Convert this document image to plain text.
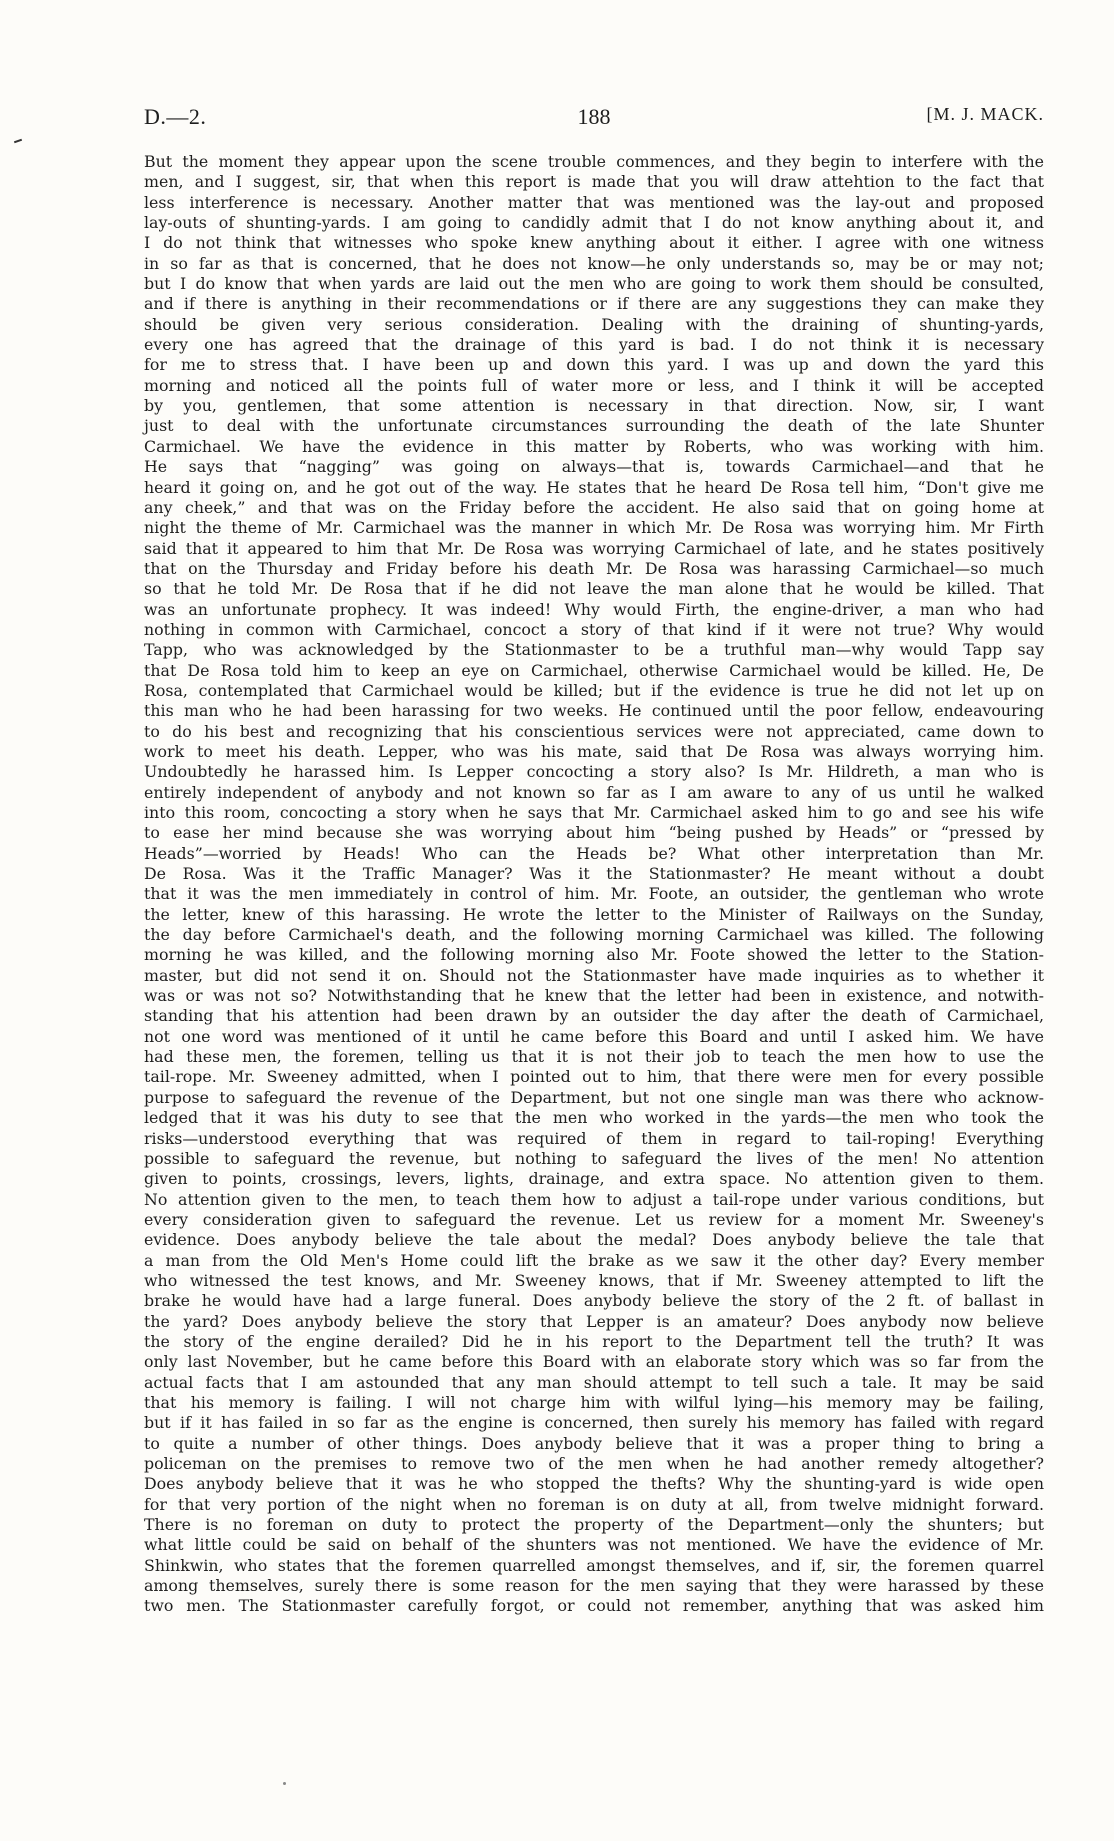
D.—2.	188	[M. J. MACK.
But the moment they appear upon the scene trouble commences, and they begin to interfere with the
men, and I suggest, sir, that when this report is made that you will draw attehtion to the fact that
less interference is necessary. Another matter that was mentioned was the lay-out and proposed
lay-outs of shunting-yards. I am going to candidly admit that I do not know anything about it, and
I do not think that witnesses who spoke knew anything about it either. I agree with one witness
in so far as that is concerned, that he does not know—he only understands so, may be or may not;
but I do know that when yards are laid out the men who are going to work them should be consulted,
and if there is anything in their recommendations or if there are any suggestions they can make they
should be given very serious consideration. Dealing with the draining of shunting-yards,
every one has agreed that the drainage of this yard is bad. I do not think it is necessary
for me to stress that. I have been up and down this yard. I was up and down the yard this
morning and noticed all the points full of water more or less, and I think it will be accepted
by you, gentlemen, that some attention is necessary in that direction. Now, sir, I want
just to deal with the unfortunate circumstances surrounding the death of the late Shunter
Carmichael. We have the evidence in this matter by Roberts, who was working with him.
He says that “nagging” was going on always—that is, towards Carmichael—and that he
heard it going on, and he got out of the way. He states that he heard De Rosa tell him, “Don't give me
any cheek,” and that was on the Friday before the accident. He also said that on going home at
night the theme of Mr. Carmichael was the manner in which Mr. De Rosa was worrying him. Mr Firth
said that it appeared to him that Mr. De Rosa was worrying Carmichael of late, and he states positively
that on the Thursday and Friday before his death Mr. De Rosa was harassing Carmichael—so much
so that he told Mr. De Rosa that if he did not leave the man alone that he would be killed. That
was an unfortunate prophecy. It was indeed! Why would Firth, the engine-driver, a man who had
nothing in common with Carmichael, concoct a story of that kind if it were not true? Why would
Tapp, who was acknowledged by the Stationmaster to be a truthful man—why would Tapp say
that De Rosa told him to keep an eye on Carmichael, otherwise Carmichael would be killed. He, De
Rosa, contemplated that Carmichael would be killed; but if the evidence is true he did not let up on
this man who he had been harassing for two weeks. He continued until the poor fellow, endeavouring
to do his best and recognizing that his conscientious services were not appreciated, came down to
work to meet his death. Lepper, who was his mate, said that De Rosa was always worrying him.
Undoubtedly he harassed him. Is Lepper concocting a story also? Is Mr. Hildreth, a man who is
entirely independent of anybody and not known so far as I am aware to any of us until he walked
into this room, concocting a story when he says that Mr. Carmichael asked him to go and see his wife
to ease her mind because she was worrying about him “being pushed by Heads” or “pressed by
Heads”—worried by Heads! Who can the Heads be? What other interpretation than Mr.
De Rosa. Was it the Traffic Manager? Was it the Stationmaster? He meant without a doubt
that it was the men immediately in control of him. Mr. Foote, an outsider, the gentleman who wrote
the letter, knew of this harassing. He wrote the letter to the Minister of Railways on the Sunday,
the day before Carmichael's death, and the following morning Carmichael was killed. The following
morning he was killed, and the following morning also Mr. Foote showed the letter to the Station-
master, but did not send it on. Should not the Stationmaster have made inquiries as to whether it
was or was not so? Notwithstanding that he knew that the letter had been in existence, and notwith-
standing that his attention had been drawn by an outsider the day after the death of Carmichael,
not one word was mentioned of it until he came before this Board and until I asked him. We have
had these men, the foremen, telling us that it is not their job to teach the men how to use the
tail-rope. Mr. Sweeney admitted, when I pointed out to him, that there were men for every possible
purpose to safeguard the revenue of the Department, but not one single man was there who acknow-
ledged that it was his duty to see that the men who worked in the yards—the men who took the
risks—understood everything that was required of them in regard to tail-roping! Everything
possible to safeguard the revenue, but nothing to safeguard the lives of the men! No attention
given to points, crossings, levers, lights, drainage, and extra space. No attention given to them.
No attention given to the men, to teach them how to adjust a tail-rope under various conditions, but
every consideration given to safeguard the revenue. Let us review for a moment Mr. Sweeney's
evidence. Does anybody believe the tale about the medal? Does anybody believe the tale that
a man from the Old Men's Home could lift the brake as we saw it the other day? Every member
who witnessed the test knows, and Mr. Sweeney knows, that if Mr. Sweeney attempted to lift the
brake he would have had a large funeral. Does anybody believe the story of the 2 ft. of ballast in
the yard? Does anybody believe the story that Lepper is an amateur? Does anybody now believe
the story of the engine derailed? Did he in his report to the Department tell the truth? It was
only last November, but he came before this Board with an elaborate story which was so far from the
actual facts that I am astounded that any man should attempt to tell such a tale. It may be said
that his memory is failing. I will not charge him with wilful lying—his memory may be failing,
but if it has failed in so far as the engine is concerned, then surely his memory has failed with regard
to quite a number of other things. Does anybody believe that it was a proper thing to bring a
policeman on the premises to remove two of the men when he had another remedy altogether?
Does anybody believe that it was he who stopped the thefts? Why the shunting-yard is wide open
for that very portion of the night when no foreman is on duty at all, from twelve midnight forward.
There is no foreman on duty to protect the property of the Department—only the shunters; but
what little could be said on behalf of the shunters was not mentioned. We have the evidence of Mr.
Shinkwin, who states that the foremen quarrelled amongst themselves, and if, sir, the foremen quarrel
among themselves, surely there is some reason for the men saying that they were harassed by these
two men. The Stationmaster carefully forgot, or could not remember, anything that was asked him
